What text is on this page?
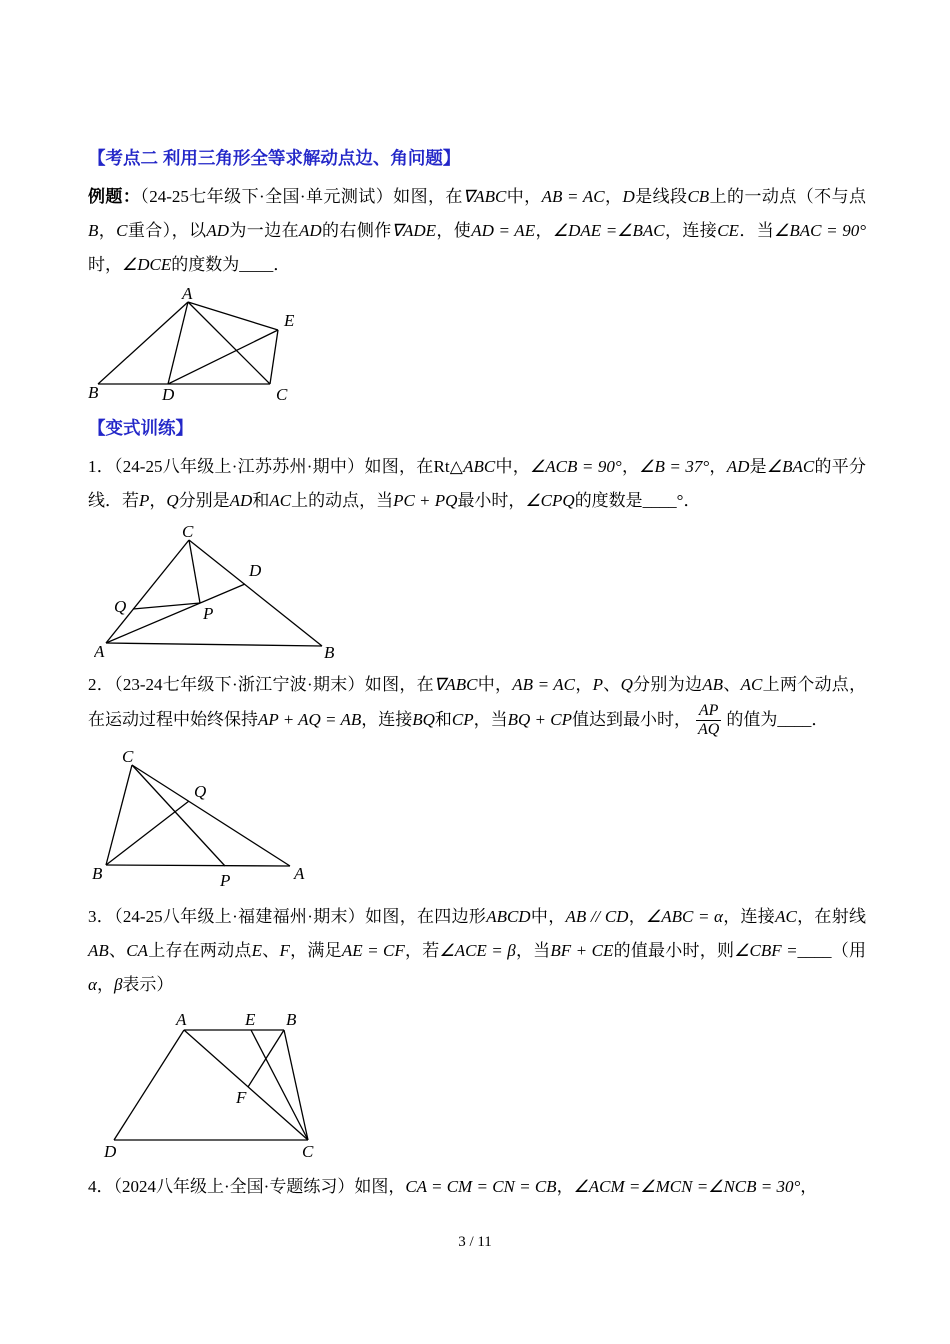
【考点二 利用三角形全等求解动点边、角问题】

例题：（24-25七年级下·全国·单元测试）如图，在∇ABC中，AB = AC，D是线段CB上的一动点（不与点B，C重合），以AD为一边在AD的右侧作∇ADE，使AD = AE，∠DAE =∠BAC，连接CE．当∠BAC = 90°时，∠DCE的度数为____．

A
E
B	D	C
【变式训练】

1．（24-25八年级上·江苏苏州·期中）如图，在Rt△ABC中，∠ACB = 90°，∠B = 37°，AD是∠BAC的平分线．若P，Q分别是AD和AC上的动点，当PC + PQ最小时，∠CPQ的度数是____°．

C
D
Q	P
A	B

2．（23-24七年级下·浙江宁波·期末）如图，在∇ABC中，AB = AC，P、Q分别为边AB、AC上两个动点，在运动过程中始终保持AP + AQ = AB，连接BQ和CP，当BQ + CP值达到最小时， $\frac{AP}{AQ}$ 的值为____．

C
Q
B	P	A

3．（24-25八年级上·福建福州·期末）如图，在四边形ABCD中，AB // CD，∠ABC = α，连接AC，在射线AB、CA上存在两动点E、F，满足AE = CF，若∠ACE = β，当BF + CE的值最小时，则∠CBF =____（用α，β表示）

A	E B
F
D	C

4．（2024八年级上·全国·专题练习）如图，CA = CM = CN = CB，∠ACM =∠MCN =∠NCB = 30°，

3 / 11
